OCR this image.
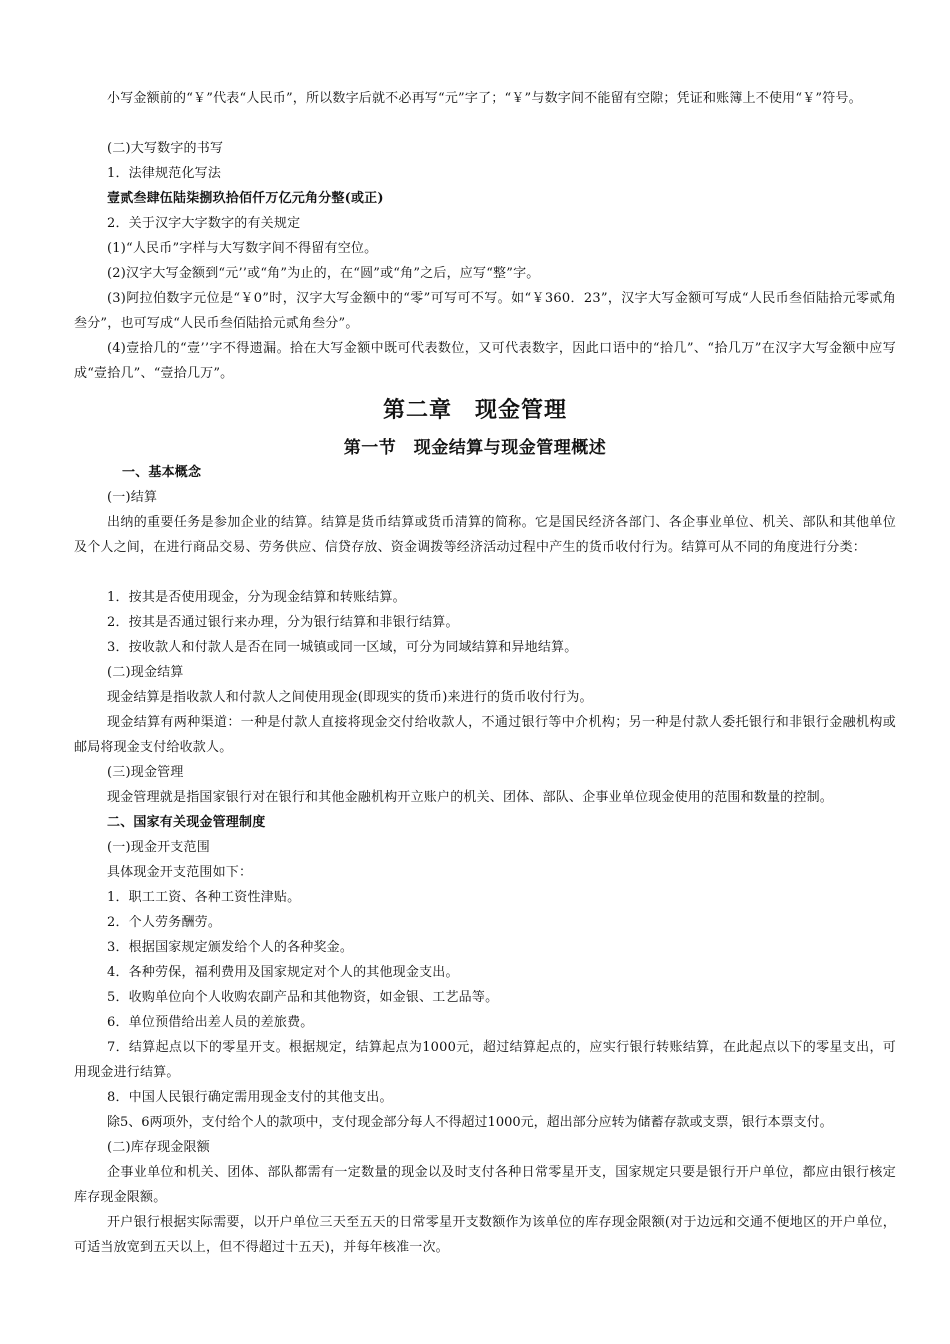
小写金额前的“￥”代表“人民币”，所以数字后就不必再写“元”字了；“￥”与数字间不能留有空隙；凭证和账簿上不使用“￥”符号。

(二)大写数字的书写

1．法律规范化写法

壹贰叁肆伍陆柒捌玖拾佰仟万亿元角分整(或正)

2．关于汉字大字数字的有关规定

(1)“人民币”字样与大写数字间不得留有空位。

(2)汉字大写金额到“元’’或“角”为止的，在“圆”或“角”之后，应写“整”字。

(3)阿拉伯数字元位是“￥0”时，汉字大写金额中的“零”可写可不写。如“￥360．23”，汉字大写金额可写成“人民币叁佰陆拾元零贰角叁分”，也可写成“人民币叁佰陆拾元贰角叁分”。

(4)壹拾几的“壹’’字不得遗漏。拾在大写金额中既可代表数位，又可代表数字，因此口语中的“拾几”、“拾几万”在汉字大写金额中应写成“壹拾几”、“壹拾几万”。

第二章　现金管理

第一节　现金结算与现金管理概述

一、基本概念

(一)结算

出纳的重要任务是参加企业的结算。结算是货币结算或货币清算的简称。它是国民经济各部门、各企事业单位、机关、部队和其他单位及个人之间，在进行商品交易、劳务供应、信贷存放、资金调拨等经济活动过程中产生的货币收付行为。结算可从不同的角度进行分类：

1．按其是否使用现金，分为现金结算和转账结算。

2．按其是否通过银行来办理，分为银行结算和非银行结算。

3．按收款人和付款人是否在同一城镇或同一区域，可分为同域结算和异地结算。

(二)现金结算

现金结算是指收款人和付款人之间使用现金(即现实的货币)来进行的货币收付行为。

现金结算有两种渠道：一种是付款人直接将现金交付给收款人，不通过银行等中介机构；另一种是付款人委托银行和非银行金融机构或邮局将现金支付给收款人。

(三)现金管理

现金管理就是指国家银行对在银行和其他金融机构开立账户的机关、团体、部队、企事业单位现金使用的范围和数量的控制。

二、国家有关现金管理制度

(一)现金开支范围

具体现金开支范围如下：

1．职工工资、各种工资性津贴。

2．个人劳务酬劳。

3．根据国家规定颁发给个人的各种奖金。

4．各种劳保，福利费用及国家规定对个人的其他现金支出。

5．收购单位向个人收购农副产品和其他物资，如金银、工艺品等。

6．单位预借给出差人员的差旅费。

7．结算起点以下的零星开支。根据规定，结算起点为1000元，超过结算起点的，应实行银行转账结算，在此起点以下的零星支出，可用现金进行结算。

8．中国人民银行确定需用现金支付的其他支出。

除5、6两项外，支付给个人的款项中，支付现金部分每人不得超过1000元，超出部分应转为储蓄存款或支票，银行本票支付。

(二)库存现金限额

企事业单位和机关、团体、部队都需有一定数量的现金以及时支付各种日常零星开支，国家规定只要是银行开户单位，都应由银行核定库存现金限额。

开户银行根据实际需要，以开户单位三天至五天的日常零星开支数额作为该单位的库存现金限额(对于边远和交通不便地区的开户单位，可适当放宽到五天以上，但不得超过十五天)，并每年核准一次。
